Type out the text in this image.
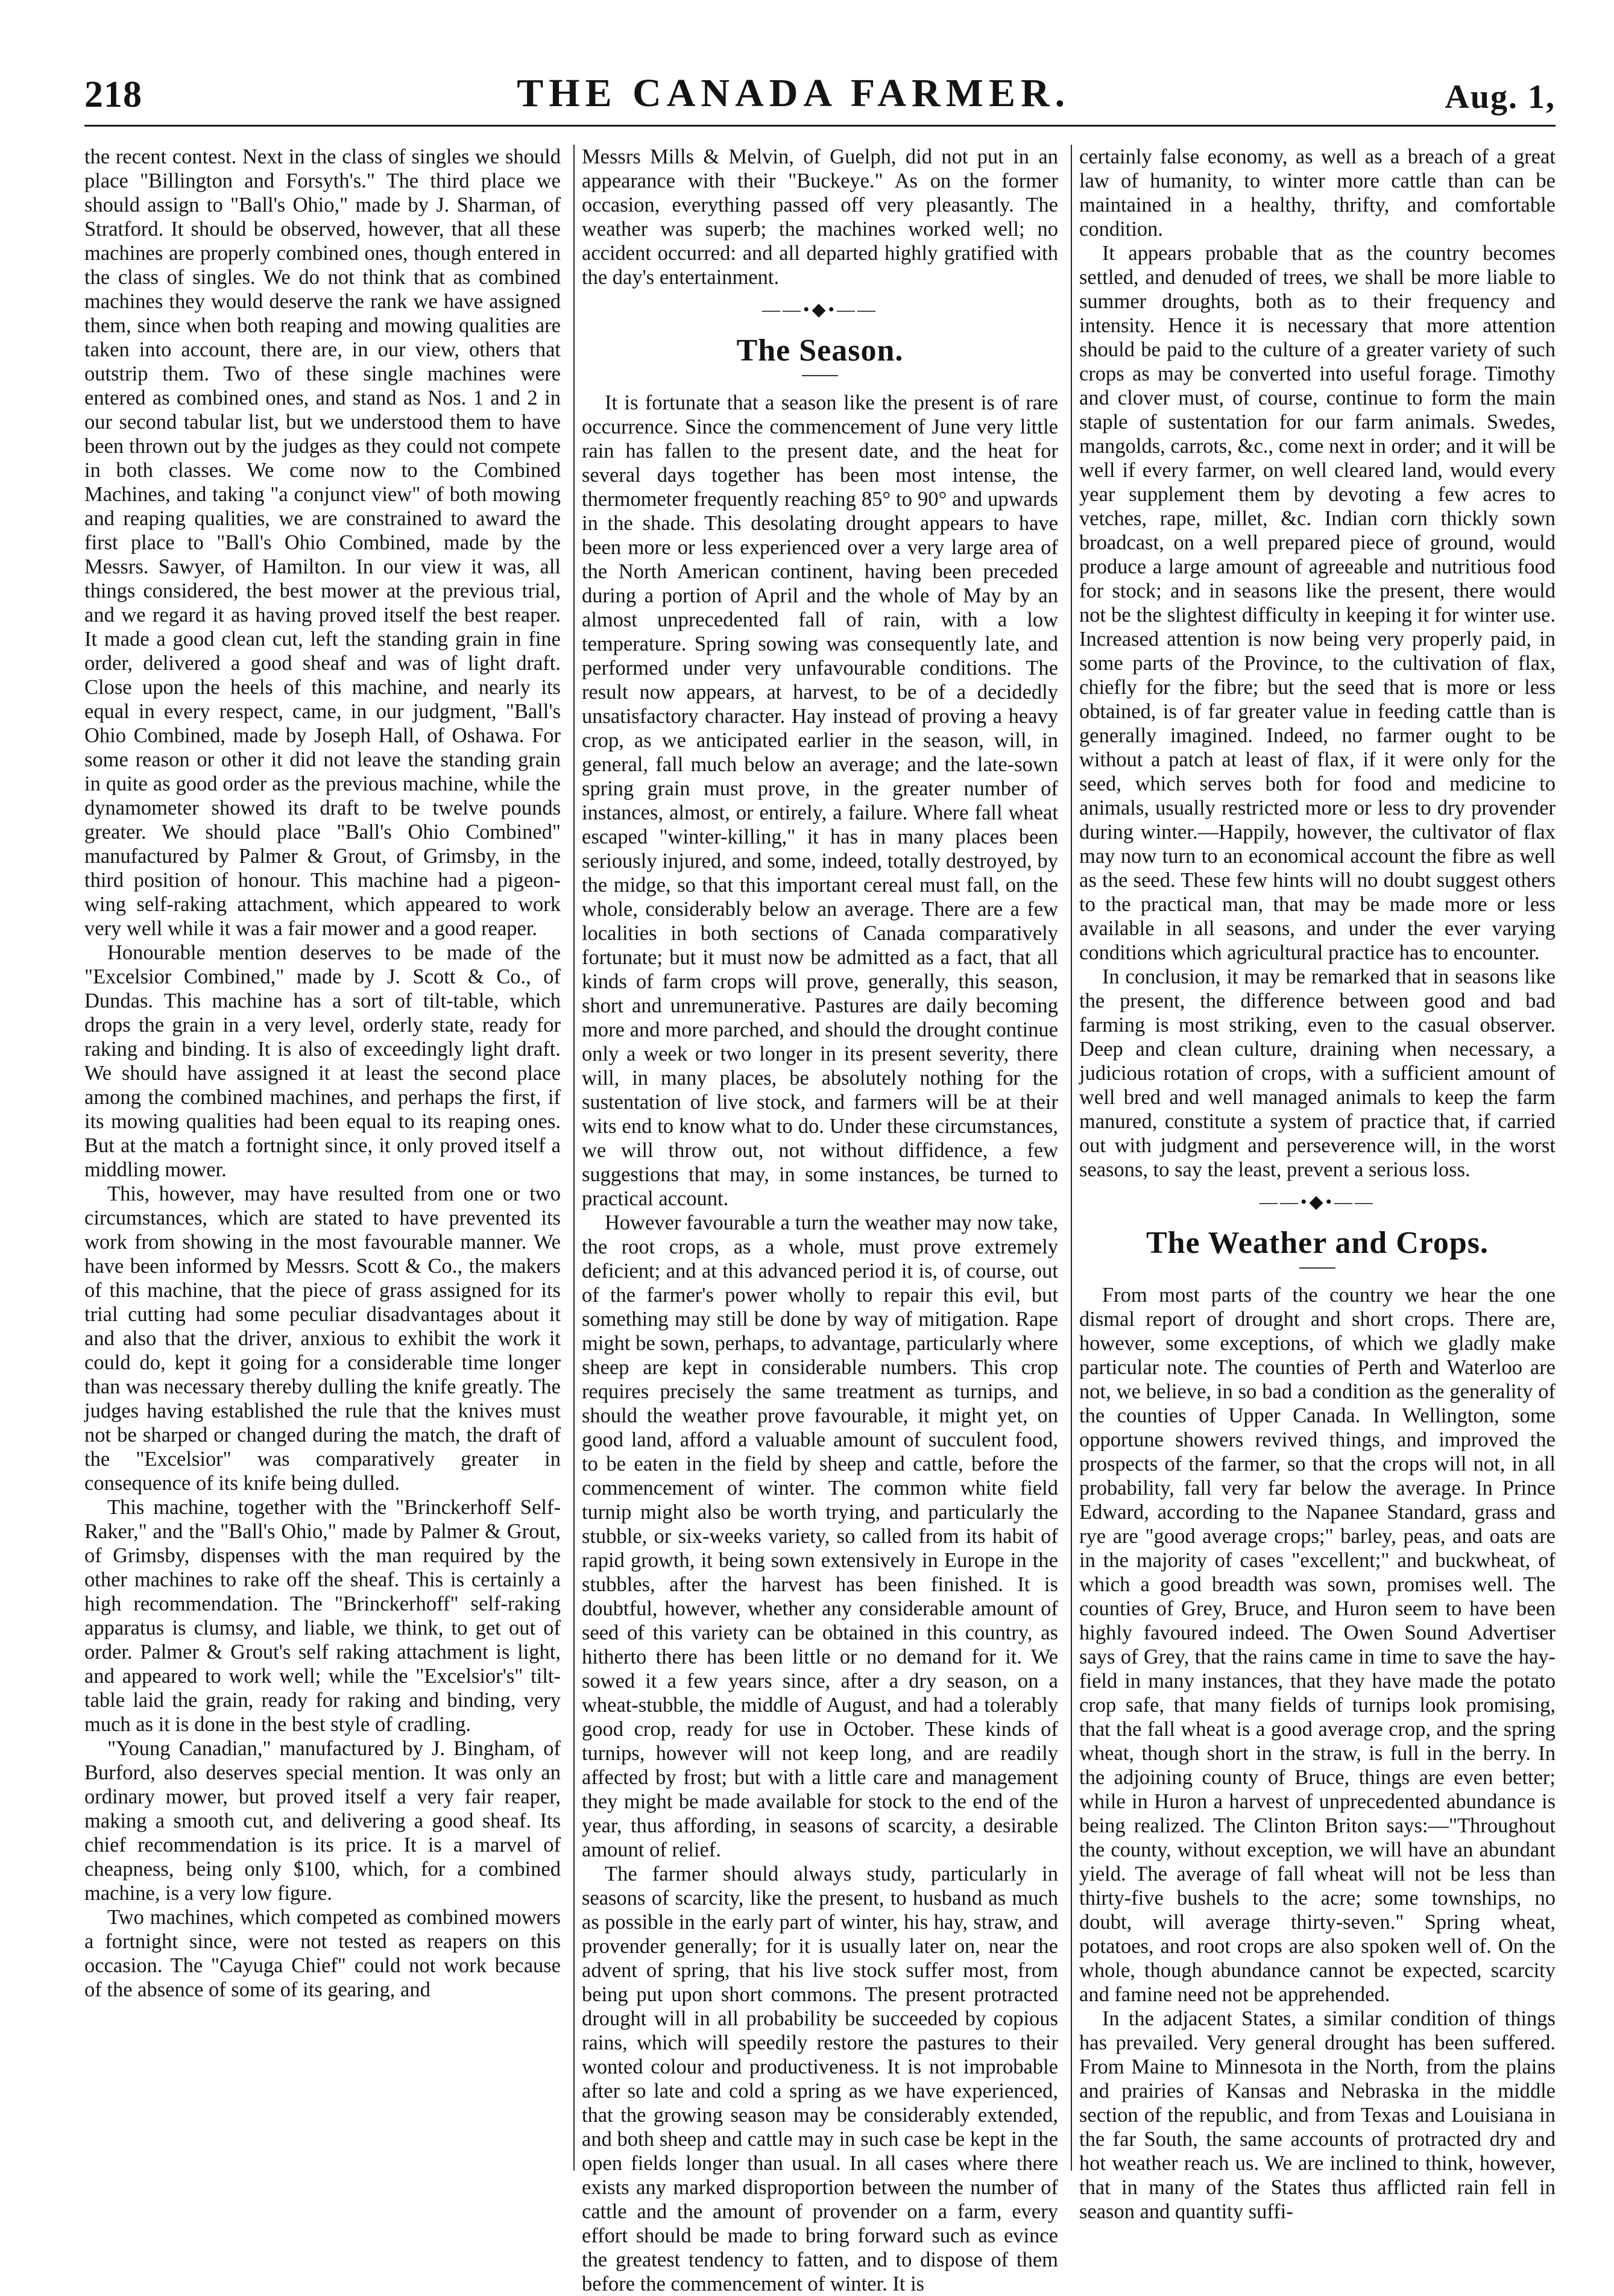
218	THE CANADA FARMER.	Aug. 1,

the recent contest. Next in the class of singles we should place "Billington and Forsyth's." The third place we should assign to "Ball's Ohio," made by J. Sharman, of Stratford. It should be observed, however, that all these machines are properly combined ones, though entered in the class of singles. We do not think that as combined machines they would deserve the rank we have assigned them, since when both reaping and mowing qualities are taken into account, there are, in our view, others that outstrip them. Two of these single machines were entered as combined ones, and stand as Nos. 1 and 2 in our second tabular list, but we understood them to have been thrown out by the judges as they could not compete in both classes. We come now to the Combined Machines, and taking "a conjunct view" of both mowing and reaping qualities, we are constrained to award the first place to "Ball's Ohio Combined, made by the Messrs. Sawyer, of Hamilton. In our view it was, all things considered, the best mower at the previous trial, and we regard it as having proved itself the best reaper. It made a good clean cut, left the standing grain in fine order, delivered a good sheaf and was of light draft. Close upon the heels of this machine, and nearly its equal in every respect, came, in our judgment, "Ball's Ohio Combined, made by Joseph Hall, of Oshawa. For some reason or other it did not leave the standing grain in quite as good order as the previous machine, while the dynamometer showed its draft to be twelve pounds greater. We should place "Ball's Ohio Combined" manufactured by Palmer & Grout, of Grimsby, in the third position of honour. This machine had a pigeon-wing self-raking attachment, which appeared to work very well while it was a fair mower and a good reaper.

Honourable mention deserves to be made of the "Excelsior Combined," made by J. Scott & Co., of Dundas. This machine has a sort of tilt-table, which drops the grain in a very level, orderly state, ready for raking and binding. It is also of exceedingly light draft. We should have assigned it at least the second place among the combined machines, and perhaps the first, if its mowing qualities had been equal to its reaping ones. But at the match a fortnight since, it only proved itself a middling mower.

This, however, may have resulted from one or two circumstances, which are stated to have prevented its work from showing in the most favourable manner. We have been informed by Messrs. Scott & Co., the makers of this machine, that the piece of grass assigned for its trial cutting had some peculiar disadvantages about it and also that the driver, anxious to exhibit the work it could do, kept it going for a considerable time longer than was necessary thereby dulling the knife greatly. The judges having established the rule that the knives must not be sharped or changed during the match, the draft of the "Excelsior" was comparatively greater in consequence of its knife being dulled.

This machine, together with the "Brinckerhoff Self-Raker," and the "Ball's Ohio," made by Palmer & Grout, of Grimsby, dispenses with the man required by the other machines to rake off the sheaf. This is certainly a high recommendation. The "Brinckerhoff" self-raking apparatus is clumsy, and liable, we think, to get out of order. Palmer & Grout's self raking attachment is light, and appeared to work well; while the "Excelsior's" tilt-table laid the grain, ready for raking and binding, very much as it is done in the best style of cradling.

"Young Canadian," manufactured by J. Bingham, of Burford, also deserves special mention. It was only an ordinary mower, but proved itself a very fair reaper, making a smooth cut, and delivering a good sheaf. Its chief recommendation is its price. It is a marvel of cheapness, being only $100, which, for a combined machine, is a very low figure.

Two machines, which competed as combined mowers a fortnight since, were not tested as reapers on this occasion. The "Cayuga Chief" could not work because of the absence of some of its gearing, and

Messrs Mills & Melvin, of Guelph, did not put in an appearance with their "Buckeye." As on the former occasion, everything passed off very pleasantly. The weather was superb; the machines worked well; no accident occurred: and all departed highly gratified with the day's entertainment.

——•◆•——
The Season.

It is fortunate that a season like the present is of rare occurrence. Since the commencement of June very little rain has fallen to the present date, and the heat for several days together has been most intense, the thermometer frequently reaching 85° to 90° and upwards in the shade. This desolating drought appears to have been more or less experienced over a very large area of the North American continent, having been preceded during a portion of April and the whole of May by an almost unprecedented fall of rain, with a low temperature. Spring sowing was consequently late, and performed under very unfavourable conditions. The result now appears, at harvest, to be of a decidedly unsatisfactory character. Hay instead of proving a heavy crop, as we anticipated earlier in the season, will, in general, fall much below an average; and the late-sown spring grain must prove, in the greater number of instances, almost, or entirely, a failure. Where fall wheat escaped "winter-killing," it has in many places been seriously injured, and some, indeed, totally destroyed, by the midge, so that this important cereal must fall, on the whole, considerably below an average. There are a few localities in both sections of Canada comparatively fortunate; but it must now be admitted as a fact, that all kinds of farm crops will prove, generally, this season, short and unremunerative. Pastures are daily becoming more and more parched, and should the drought continue only a week or two longer in its present severity, there will, in many places, be absolutely nothing for the sustentation of live stock, and farmers will be at their wits end to know what to do. Under these circumstances, we will throw out, not without diffidence, a few suggestions that may, in some instances, be turned to practical account.

However favourable a turn the weather may now take, the root crops, as a whole, must prove extremely deficient; and at this advanced period it is, of course, out of the farmer's power wholly to repair this evil, but something may still be done by way of mitigation. Rape might be sown, perhaps, to advantage, particularly where sheep are kept in considerable numbers. This crop requires precisely the same treatment as turnips, and should the weather prove favourable, it might yet, on good land, afford a valuable amount of succulent food, to be eaten in the field by sheep and cattle, before the commencement of winter. The common white field turnip might also be worth trying, and particularly the stubble, or six-weeks variety, so called from its habit of rapid growth, it being sown extensively in Europe in the stubbles, after the harvest has been finished. It is doubtful, however, whether any considerable amount of seed of this variety can be obtained in this country, as hitherto there has been little or no demand for it. We sowed it a few years since, after a dry season, on a wheat-stubble, the middle of August, and had a tolerably good crop, ready for use in October. These kinds of turnips, however will not keep long, and are readily affected by frost; but with a little care and management they might be made available for stock to the end of the year, thus affording, in seasons of scarcity, a desirable amount of relief.

The farmer should always study, particularly in seasons of scarcity, like the present, to husband as much as possible in the early part of winter, his hay, straw, and provender generally; for it is usually later on, near the advent of spring, that his live stock suffer most, from being put upon short commons. The present protracted drought will in all probability be succeeded by copious rains, which will speedily restore the pastures to their wonted colour and productiveness. It is not improbable after so late and cold a spring as we have experienced, that the growing season may be considerably extended, and both sheep and cattle may in such case be kept in the open fields longer than usual. In all cases where there exists any marked disproportion between the number of cattle and the amount of provender on a farm, every effort should be made to bring forward such as evince the greatest tendency to fatten, and to dispose of them before the commencement of winter. It is

certainly false economy, as well as a breach of a great law of humanity, to winter more cattle than can be maintained in a healthy, thrifty, and comfortable condition.

It appears probable that as the country becomes settled, and denuded of trees, we shall be more liable to summer droughts, both as to their frequency and intensity. Hence it is necessary that more attention should be paid to the culture of a greater variety of such crops as may be converted into useful forage. Timothy and clover must, of course, continue to form the main staple of sustentation for our farm animals. Swedes, mangolds, carrots, &c., come next in order; and it will be well if every farmer, on well cleared land, would every year supplement them by devoting a few acres to vetches, rape, millet, &c. Indian corn thickly sown broadcast, on a well prepared piece of ground, would produce a large amount of agreeable and nutritious food for stock; and in seasons like the present, there would not be the slightest difficulty in keeping it for winter use. Increased attention is now being very properly paid, in some parts of the Province, to the cultivation of flax, chiefly for the fibre; but the seed that is more or less obtained, is of far greater value in feeding cattle than is generally imagined. Indeed, no farmer ought to be without a patch at least of flax, if it were only for the seed, which serves both for food and medicine to animals, usually restricted more or less to dry provender during winter.—Happily, however, the cultivator of flax may now turn to an economical account the fibre as well as the seed. These few hints will no doubt suggest others to the practical man, that may be made more or less available in all seasons, and under the ever varying conditions which agricultural practice has to encounter.

In conclusion, it may be remarked that in seasons like the present, the difference between good and bad farming is most striking, even to the casual observer. Deep and clean culture, draining when necessary, a judicious rotation of crops, with a sufficient amount of well bred and well managed animals to keep the farm manured, constitute a system of practice that, if carried out with judgment and perseverence will, in the worst seasons, to say the least, prevent a serious loss.

——•◆•——
The Weather and Crops.

From most parts of the country we hear the one dismal report of drought and short crops. There are, however, some exceptions, of which we gladly make particular note. The counties of Perth and Waterloo are not, we believe, in so bad a condition as the generality of the counties of Upper Canada. In Wellington, some opportune showers revived things, and improved the prospects of the farmer, so that the crops will not, in all probability, fall very far below the average. In Prince Edward, according to the Napanee Standard, grass and rye are "good average crops;" barley, peas, and oats are in the majority of cases "excellent;" and buckwheat, of which a good breadth was sown, promises well. The counties of Grey, Bruce, and Huron seem to have been highly favoured indeed. The Owen Sound Advertiser says of Grey, that the rains came in time to save the hay-field in many instances, that they have made the potato crop safe, that many fields of turnips look promising, that the fall wheat is a good average crop, and the spring wheat, though short in the straw, is full in the berry. In the adjoining county of Bruce, things are even better; while in Huron a harvest of unprecedented abundance is being realized. The Clinton Briton says:—"Throughout the county, without exception, we will have an abundant yield. The average of fall wheat will not be less than thirty-five bushels to the acre; some townships, no doubt, will average thirty-seven." Spring wheat, potatoes, and root crops are also spoken well of. On the whole, though abundance cannot be expected, scarcity and famine need not be apprehended.

In the adjacent States, a similar condition of things has prevailed. Very general drought has been suffered. From Maine to Minnesota in the North, from the plains and prairies of Kansas and Nebraska in the middle section of the republic, and from Texas and Louisiana in the far South, the same accounts of protracted dry and hot weather reach us. We are inclined to think, however, that in many of the States thus afflicted rain fell in season and quantity suffi-
